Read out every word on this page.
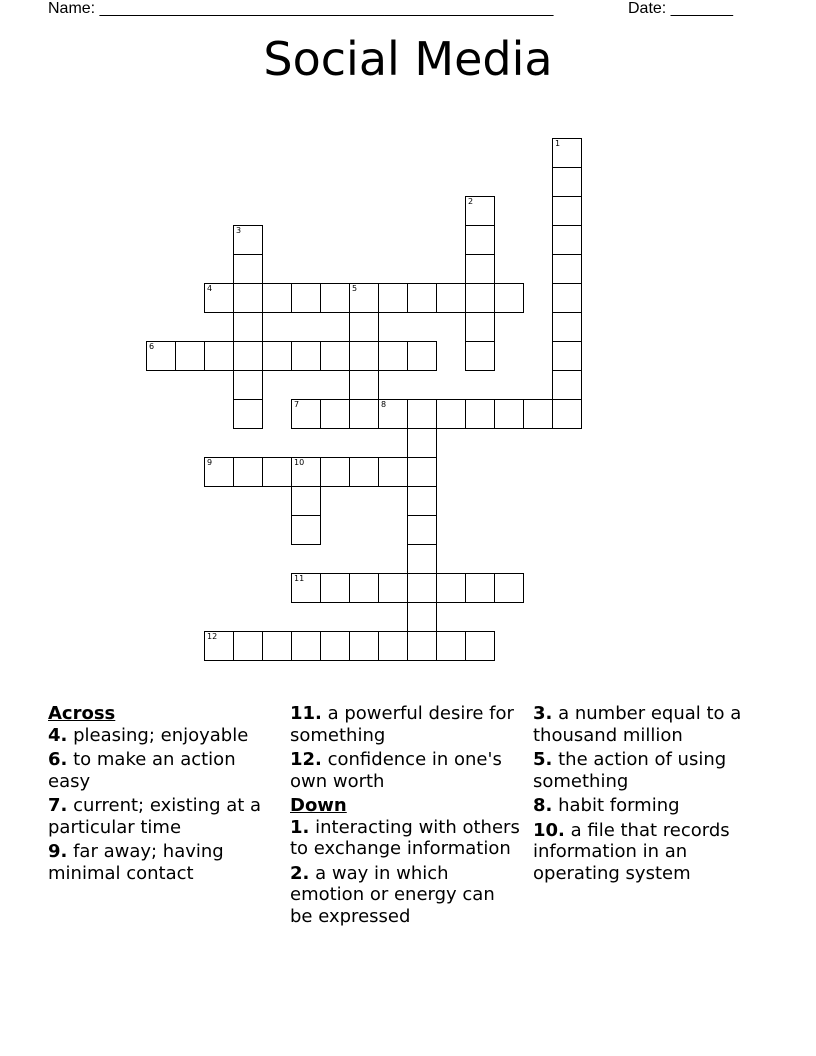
Name: ___________________________________________________	Date: _______
Social Media
1
2
3
4	5
6
7	8
9	10
11
12
Across
4. pleasing; enjoyable
6. to make an action easy
7. current; existing at a particular time
9. far away; having minimal contact
11. a powerful desire for something
12. confidence in one's own worth
Down
1. interacting with others to exchange information
2. a way in which emotion or energy can be expressed
3. a number equal to a thousand million
5. the action of using something
8. habit forming
10. a file that records information in an operating system
